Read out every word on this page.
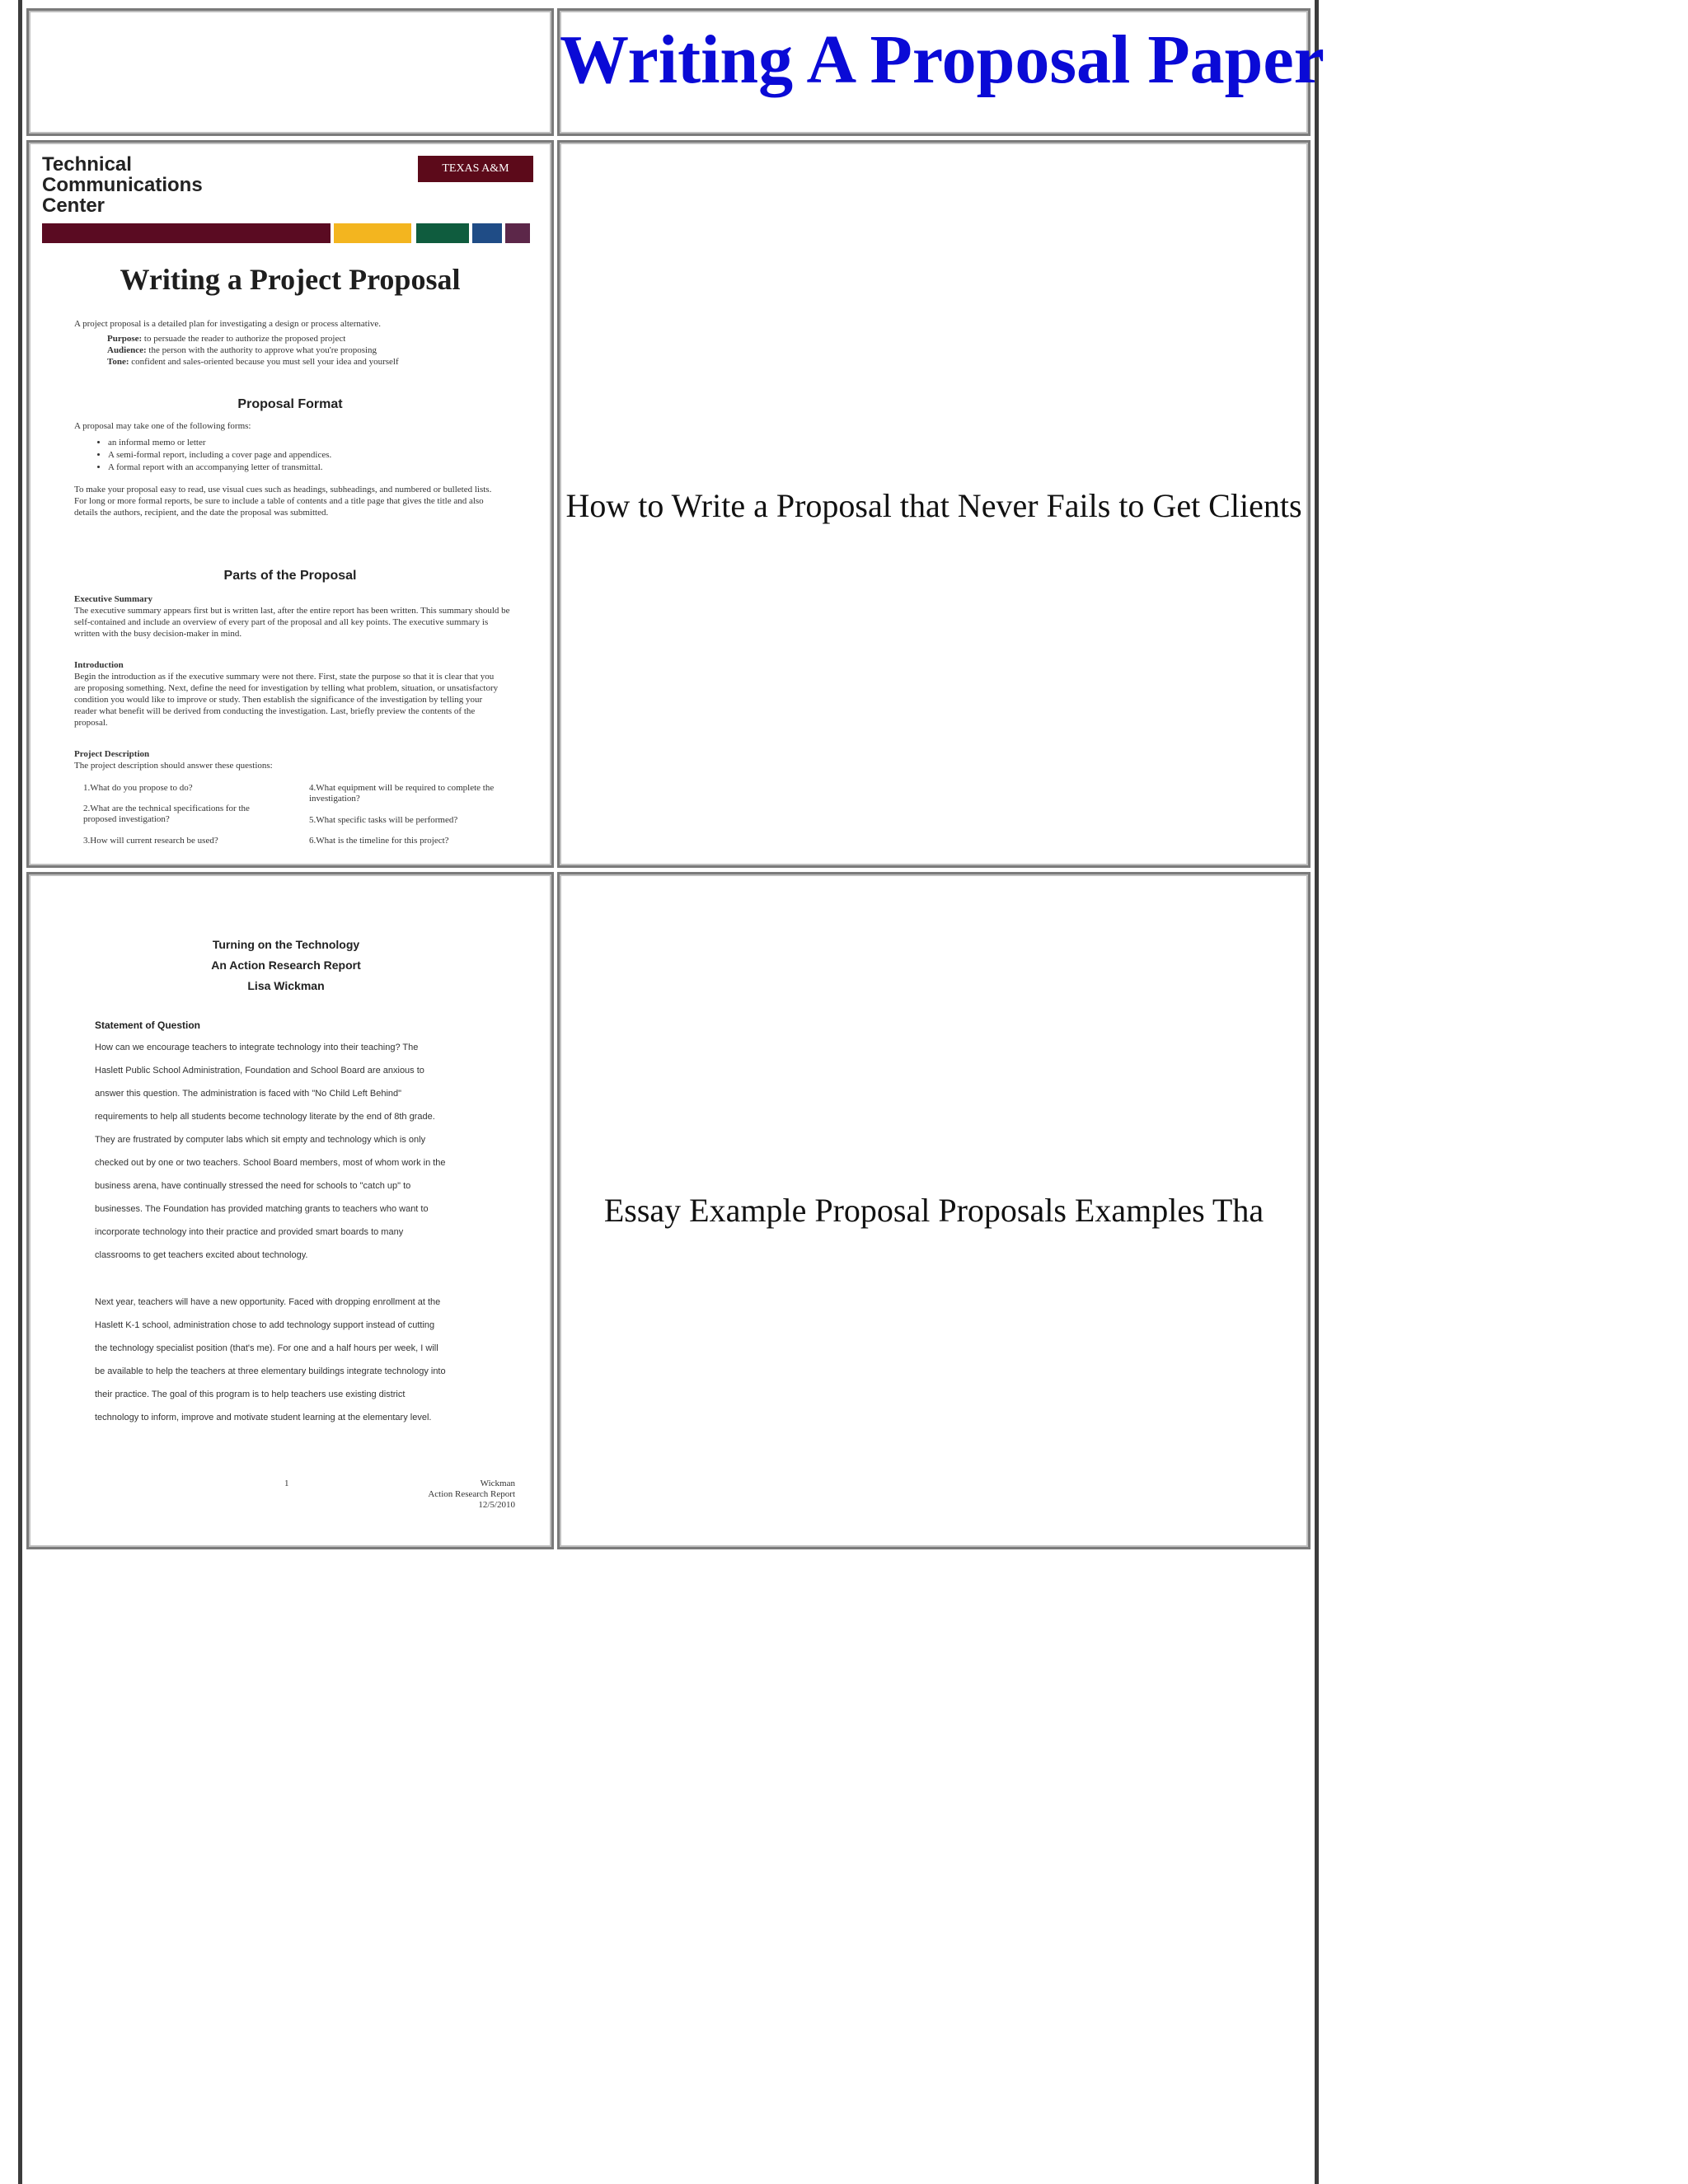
Writing A Proposal Paper
Technical
Communications
Center
TEXAS A&M
Writing a Project Proposal
A project proposal is a detailed plan for investigating a design or process alternative.
Purpose: to persuade the reader to authorize the proposed project
Audience: the person with the authority to approve what you're proposing
Tone: confident and sales-oriented because you must sell your idea and yourself
Proposal Format
A proposal may take one of the following forms:
• an informal memo or letter
• A semi-formal report, including a cover page and appendices.
• A formal report with an accompanying letter of transmittal.
To make your proposal easy to read, use visual cues such as headings, subheadings, and numbered or bulleted lists. For long or more formal reports, be sure to include a table of contents and a title page that gives the title and also details the authors, recipient, and the date the proposal was submitted.
Parts of the Proposal
Executive Summary
The executive summary appears first but is written last, after the entire report has been written. This summary should be self-contained and include an overview of every part of the proposal and all key points. The executive summary is written with the busy decision-maker in mind.
Introduction
Begin the introduction as if the executive summary were not there. First, state the purpose so that it is clear that you are proposing something. Next, define the need for investigation by telling what problem, situation, or unsatisfactory condition you would like to improve or study. Then establish the significance of the investigation by telling your reader what benefit will be derived from conducting the investigation. Last, briefly preview the contents of the proposal.
Project Description
The project description should answer these questions:
1.What do you propose to do?
2.What are the technical specifications for the proposed investigation?
3.How will current research be used?
4.What equipment will be required to complete the investigation?
5.What specific tasks will be performed?
6.What is the timeline for this project?
How to Write a Proposal that Never Fails to Get Clients
Turning on the Technology
An Action Research Report
Lisa Wickman
Statement of Question
How can we encourage teachers to integrate technology into their teaching? The
Haslett Public School Administration, Foundation and School Board are anxious to
answer this question. The administration is faced with "No Child Left Behind"
requirements to help all students become technology literate by the end of 8th grade.
They are frustrated by computer labs which sit empty and technology which is only
checked out by one or two teachers. School Board members, most of whom work in the
business arena, have continually stressed the need for schools to "catch up" to
businesses. The Foundation has provided matching grants to teachers who want to
incorporate technology into their practice and provided smart boards to many
classrooms to get teachers excited about technology.
Next year, teachers will have a new opportunity. Faced with dropping enrollment at the
Haslett K-1 school, administration chose to add technology support instead of cutting
the technology specialist position (that's me). For one and a half hours per week, I will
be available to help the teachers at three elementary buildings integrate technology into
their practice. The goal of this program is to help teachers use existing district
technology to inform, improve and motivate student learning at the elementary level.
1	Wickman
Action Research Report
12/5/2010
Essay Example Proposal Proposals Examples Tha
